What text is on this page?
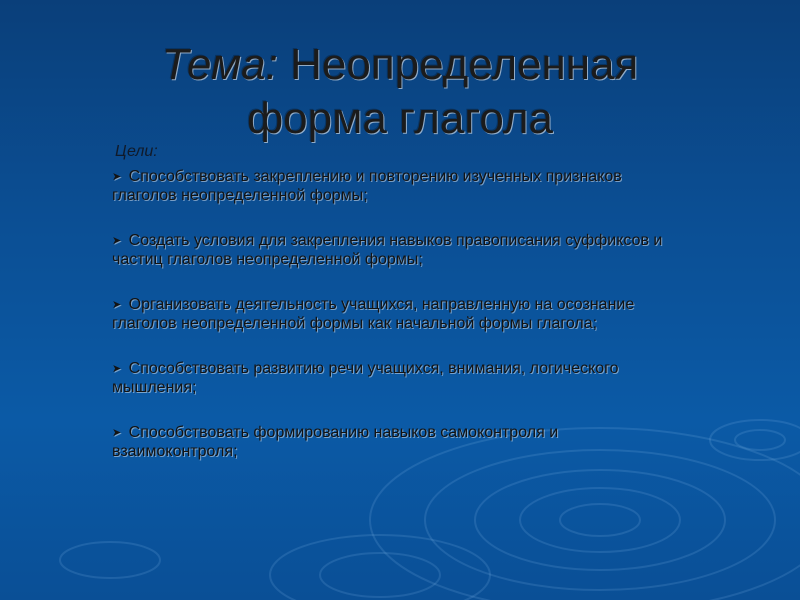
Тема: Неопределенная
форма глагола
Цели:
➤ Способствовать закреплению и повторению изученных признаков глаголов неопределенной формы;
➤ Создать условия для закрепления навыков правописания суффиксов и частиц глаголов неопределенной формы;
➤ Организовать деятельность учащихся, направленную на осознание глаголов неопределенной формы как начальной формы глагола;
➤ Способствовать развитию речи учащихся, внимания, логического мышления;
➤ Способствовать формированию навыков самоконтроля и взаимоконтроля;
